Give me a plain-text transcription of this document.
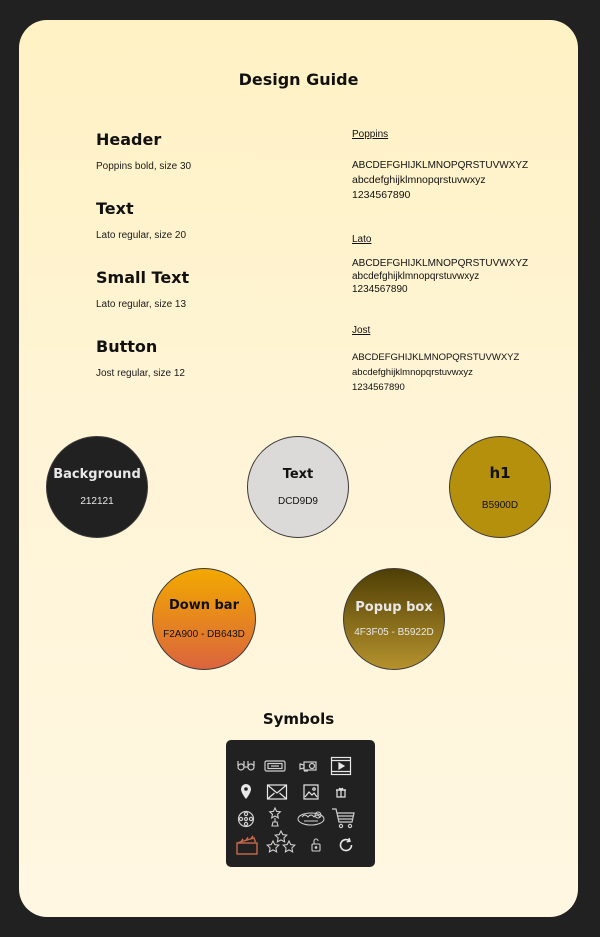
Design Guide
Header
Poppins bold, size 30
Text
Lato regular, size 20
Small Text
Lato regular, size 13
Button
Jost regular, size 12
Poppins
ABCDEFGHIJKLMNOPQRSTUVWXYZ
abcdefghijklmnopqrstuvwxyz
1234567890
Lato
ABCDEFGHIJKLMNOPQRSTUVWXYZ
abcdefghijklmnopqrstuvwxyz
1234567890
Jost
ABCDEFGHIJKLMNOPQRSTUVWXYZ
abcdefghijklmnopqrstuvwxyz
1234567890
Background
212121
Text
DCD9D9
h1
B5900D
Down bar
F2A900 - DB643D
Popup box
4F3F05 - B5922D
Symbols
